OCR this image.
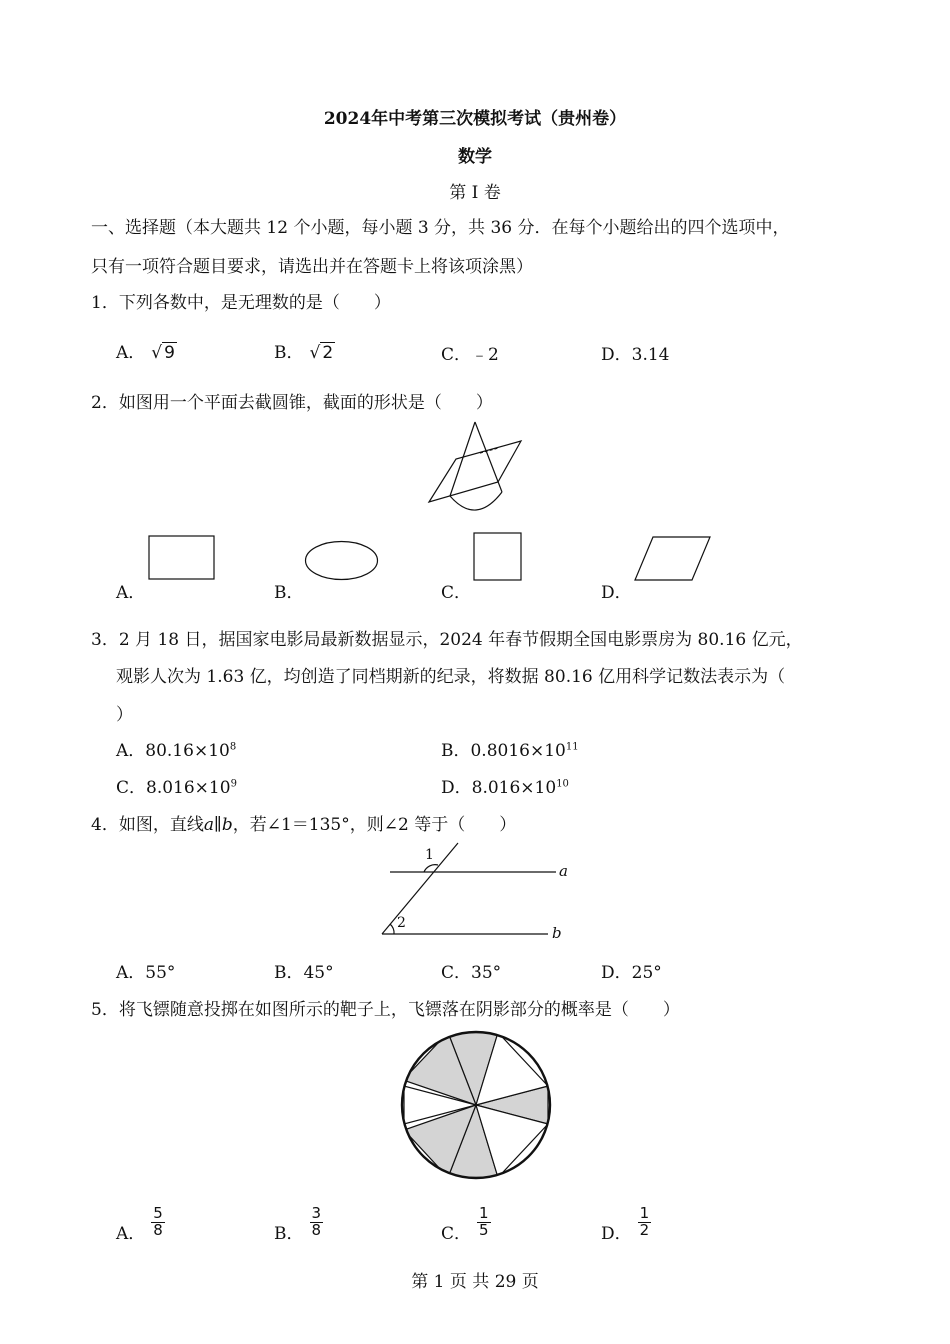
2024年中考第三次模拟考试（贵州卷）
数学
第 I 卷
一、选择题（本大题共 12 个小题，每小题 3 分，共 36 分．在每个小题给出的四个选项中，
只有一项符合题目要求，请选出并在答题卡上将该项涂黑）
1．下列各数中，是无理数的是（　　）
A． √ 9	B． √ 2	C．﹣2	D．3.14
2．如图用一个平面去截圆锥，截面的形状是（　　）
A．	B．	C．	D．
3．2 月 18 日，据国家电影局最新数据显示，2024 年春节假期全国电影票房为 80.16 亿元，
观影人次为 1.63 亿，均创造了同档期新的纪录，将数据 80.16 亿用科学记数法表示为（
）
A．$80.16\times 10^8$	B．$0.8016\times 10^{11}$
C．$8.016\times 10^9$	D．$8.016\times 10^{10}$
4．如图，直线a∥b，若∠1＝135°，则∠2 等于（　　）
1
2
a
b
A．55°	B．45°	C．35°	D．25°
5．将飞镖随意投掷在如图所示的靶子上，飞镖落在阴影部分的概率是（　　）
A． $\frac{5}{8}$	B． $\frac{3}{8}$	C． $\frac{1}{5}$	D． $\frac{1}{2}$
第 1 页 共 29 页
